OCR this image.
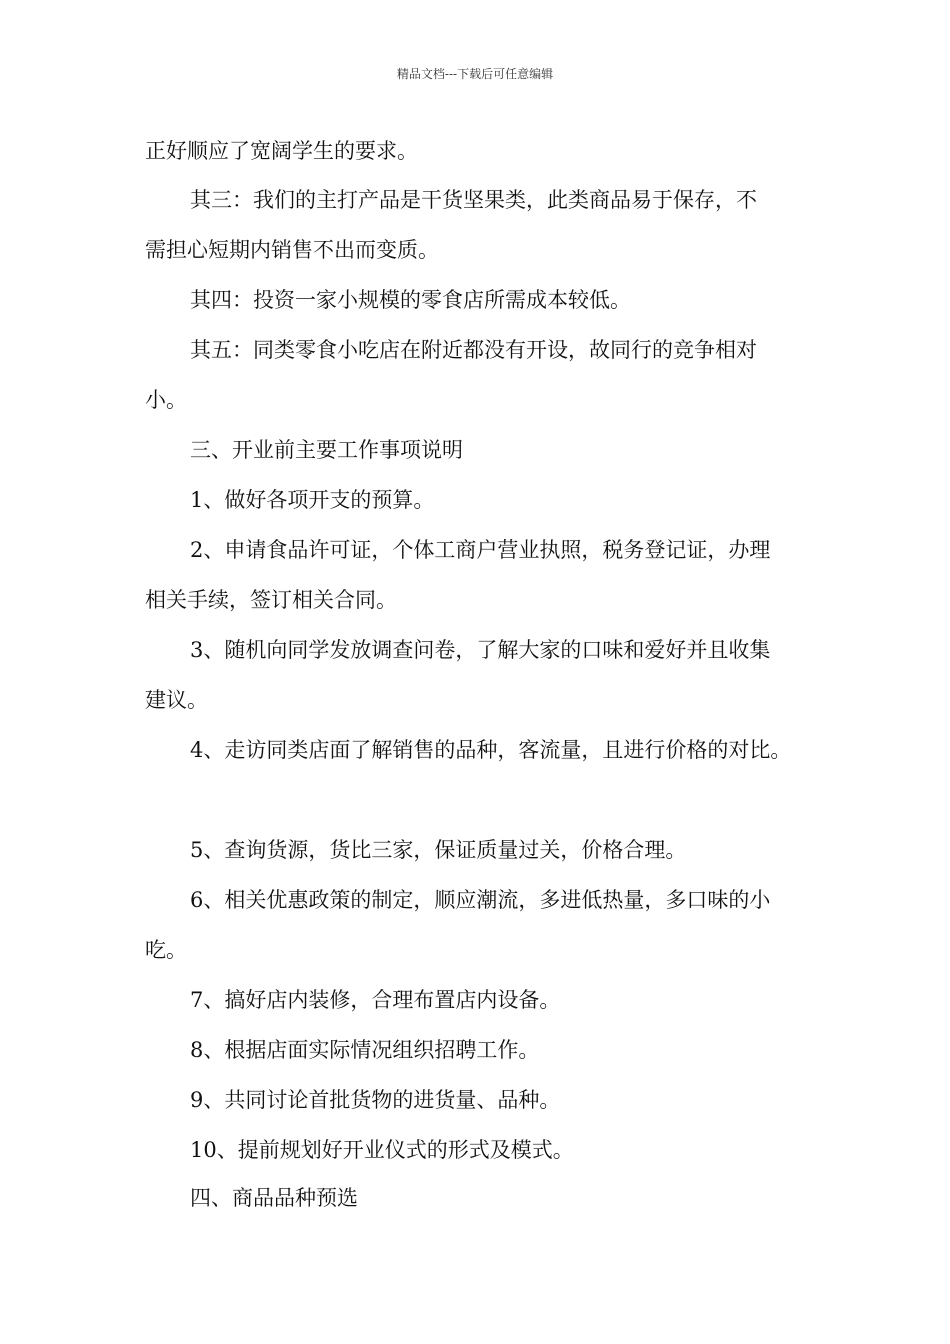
精品文档---下载后可任意编辑
正好顺应了宽阔学生的要求。
其三：我们的主打产品是干货坚果类，此类商品易于保存，不
需担心短期内销售不出而变质。
其四：投资一家小规模的零食店所需成本较低。
其五：同类零食小吃店在附近都没有开设，故同行的竞争相对
小。
三、开业前主要工作事项说明
1、做好各项开支的预算。
2、申请食品许可证，个体工商户营业执照，税务登记证，办理
相关手续，签订相关合同。
3、随机向同学发放调查问卷，了解大家的口味和爱好并且收集
建议。
4、走访同类店面了解销售的品种，客流量，且进行价格的对比。
5、查询货源，货比三家，保证质量过关，价格合理。
6、相关优惠政策的制定，顺应潮流，多进低热量，多口味的小
吃。
7、搞好店内装修，合理布置店内设备。
8、根据店面实际情况组织招聘工作。
9、共同讨论首批货物的进货量、品种。
10、提前规划好开业仪式的形式及模式。
四、商品品种预选
